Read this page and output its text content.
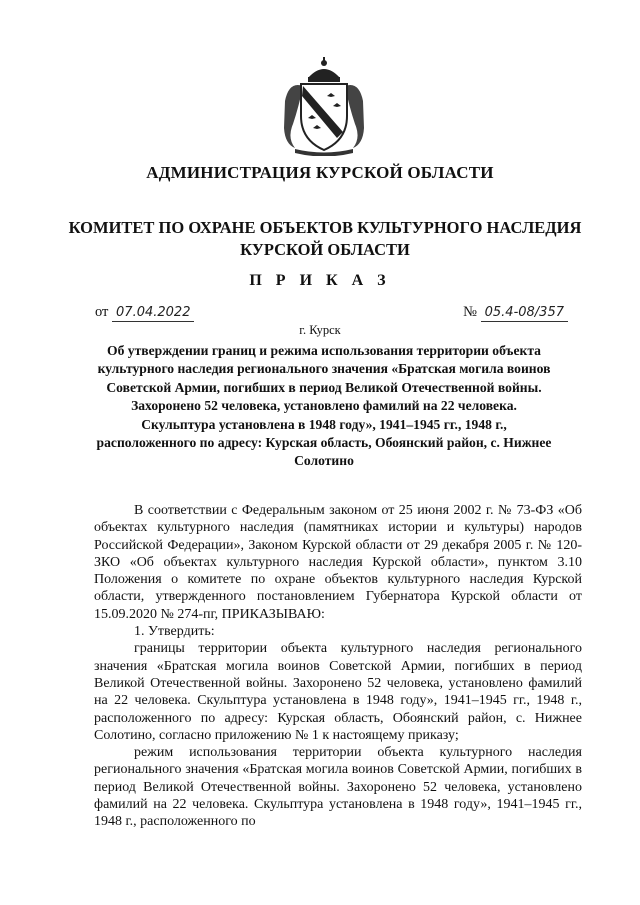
АДМИНИСТРАЦИЯ КУРСКОЙ ОБЛАСТИ
КОМИТЕТ ПО ОХРАНЕ ОБЪЕКТОВ КУЛЬТУРНОГО НАСЛЕДИЯ КУРСКОЙ ОБЛАСТИ
П Р И К А З
от 07.04.2022	№ 05.4-08/357
г. Курск
Об утверждении границ и режима использования территории объекта культурного наследия регионального значения «Братская могила воинов Советской Армии, погибших в период Великой Отечественной войны. Захоронено 52 человека, установлено фамилий на 22 человека. Скульптура установлена в 1948 году», 1941–1945 гг., 1948 г., расположенного по адресу: Курская область, Обоянский район, с. Нижнее Солотино

В соответствии с Федеральным законом от 25 июня 2002 г. № 73-ФЗ «Об объектах культурного наследия (памятниках истории и культуры) народов Российской Федерации», Законом Курской области от 29 декабря 2005 г. № 120-ЗКО «Об объектах культурного наследия Курской области», пунктом 3.10 Положения о комитете по охране объектов культурного наследия Курской области, утвержденного постановлением Губернатора Курской области от 15.09.2020 № 274-пг, ПРИКАЗЫВАЮ:

1. Утвердить:

границы территории объекта культурного наследия регионального значения «Братская могила воинов Советской Армии, погибших в период Великой Отечественной войны. Захоронено 52 человека, установлено фамилий на 22 человека. Скульптура установлена в 1948 году», 1941–1945 гг., 1948 г., расположенного по адресу: Курская область, Обоянский район, с. Нижнее Солотино, согласно приложению № 1 к настоящему приказу;

режим использования территории объекта культурного наследия регионального значения «Братская могила воинов Советской Армии, погибших в период Великой Отечественной войны. Захоронено 52 человека, установлено фамилий на 22 человека. Скульптура установлена в 1948 году», 1941–1945 гг., 1948 г., расположенного по
